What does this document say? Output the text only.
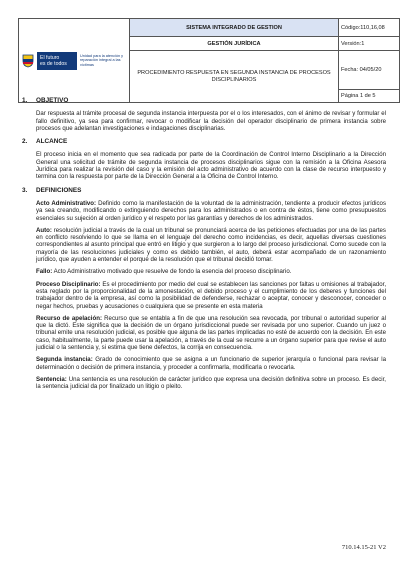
El futuro
es de todos
Unidad para la atención y reparación integral a las víctimas	SISTEMA INTEGRADO DE GESTION	Código:110,16,08
	GESTIÓN JURÍDICA	Versión:1
	PROCEDIMIENTO RESPUESTA EN SEGUNDA INSTANCIA DE PROCESOS DISCIPLINARIOS	Fecha: 04/05/20
		Página 1 de 5
1. OBJETIVO

Dar respuesta al trámite procesal de segunda instancia interpuesta por el o los interesados, con el ánimo de revisar y formular el fallo definitivo, ya sea para confirmar, revocar o modificar la decisión del operador disciplinario de primera instancia sobre procesos que adelantan investigaciones e indagaciones disciplinarias.

2. ALCANCE

El proceso inicia en el momento que sea radicada por parte de la Coordinación de Control Interno Disciplinario a la Dirección General una solicitud de trámite de segunda instancia de procesos disciplinarios sigue con la remisión a la Oficina Asesora Jurídica para realizar la revisión del caso y la emisión del acto administrativo de acuerdo con la clase de recurso interpuesto y termina con la respuesta por parte de la Dirección General a la Oficina de Control Interno.

3. DEFINICIONES

Acto Administrativo: Definido como la manifestación de la voluntad de la administración, tendiente a producir efectos jurídicos ya sea creando, modificando o extinguiendo derechos para los administrados o en contra de éstos, tiene como presupuestos esenciales su sujeción al orden jurídico y el respeto por las garantías y derechos de los administrados.

Auto: resolución judicial a través de la cual un tribunal se pronunciará acerca de las peticiones efectuadas por una de las partes en conflicto resolviendo lo que se llama en el lenguaje del derecho como incidencias, es decir, aquellas diversas cuestiones correspondientes al asunto principal que entró en litigio y que surgieron a lo largo del proceso jurisdiccional. Como sucede con la mayoría de las resoluciones judiciales y como es debido también, el auto, deberá estar acompañado de un razonamiento jurídico, que ayuden a entender el porqué de la resolución que el tribunal decidió tomar.

Fallo: Acto Administrativo motivado que resuelve de fondo la esencia del proceso disciplinario.

Proceso Disciplinario: Es el procedimiento por medio del cual se establecen las sanciones por faltas u omisiones al trabajador, esta reglado por la proporcionalidad de la amonestación, el debido proceso y el cumplimiento de los deberes y funciones del trabajador dentro de la empresa, así como la posibilidad de defenderse, rechazar o aceptar, conocer y desconocer, conceder o negar hechos, pruebas y acusaciones o cualquiera que se presente en esta materia

Recurso de apelación: Recurso que se entabla a fin de que una resolución sea revocada, por tribunal o autoridad superior al que la dictó. Este significa que la decisión de un órgano jurisdiccional puede ser revisada por uno superior. Cuando un juez o tribunal emite una resolución judicial, es posible que alguna de las partes implicadas no esté de acuerdo con la decisión. En este caso, habitualmente, la parte puede usar la apelación, a través de la cual se recurre a un órgano superior para que revise el auto judicial o la sentencia y, si estima que tiene defectos, la corrija en consecuencia.

Segunda instancia: Grado de conocimiento que se asigna a un funcionario de superior jerarquía o funcional para revisar la determinación o decisión de primera instancia, y proceder a confirmarla, modificarla o revocarla.

Sentencia: Una sentencia es una resolución de carácter jurídico que expresa una decisión definitiva sobre un proceso. Es decir, la sentencia judicial da por finalizado un litigio o pleito.

710.14.15-21 V2
